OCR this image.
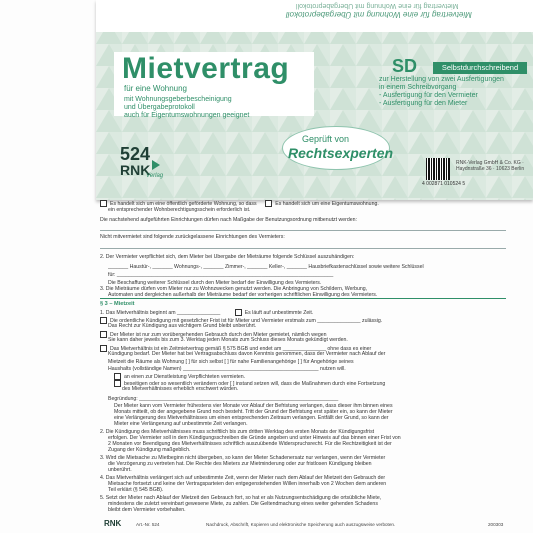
Mietvertrag für eine Wohnung mit Übergabeprotokoll
Mietvertrag für eine Wohnung mit Übergabeprotokoll
Mietvertrag
für eine Wohnung
mit Wohnungsgeberbescheinigung
und Übergabeprotokoll
auch für Eigentumswohnungen geeignet
SD	Selbstdurchschreibend
zur Herstellung von zwei Ausfertigungen
in einem Schreibvorgang
- Ausfertigung für den Vermieter
- Ausfertigung für den Mieter
Geprüft von
Rechtsexperten
524
RNK
Verlag
4 002871 010524 5
RNK-Verlag GmbH & Co. KG · Haydnstraße 36 · 10623 Berlin
Es handelt sich um eine öffentlich geförderte Wohnung, so dass	Es handelt sich um eine Eigentumswohnung.
ein entsprechender Wohnberechtigungsschein erforderlich ist.
Die nachstehend aufgeführten Einrichtungen dürfen nach Maßgabe der Benutzungsordnung mitbenutzt werden:
Nicht mitvermietet sind folgende zurückgelassene Einrichtungen des Vermieters:
2. Der Vermieter verpflichtet sich, dem Mieter bei Übergabe der Mieträume folgende Schlüssel auszuhändigen:
_______ Haustür-, _______ Wohnungs-, _______ Zimmer-, _______ Keller-, _______ Hausbriefkastenschlüssel sowie weitere Schlüssel
für: ___________________________________________________________________________
Die Beschaffung weiterer Schlüssel durch den Mieter bedarf der Einwilligung des Vermieters.
3. Die Mieträume dürfen vom Mieter nur zu Wohnzwecken genutzt werden. Die Anbringung von Schildern, Werbung,
Automaten und dergleichen außerhalb der Mieträume bedarf der vorherigen schriftlichen Einwilligung des Vermieters.
§ 3 – Mietzeit
1. Das Mietverhältnis beginnt am _______________	Es läuft auf unbestimmte Zeit.
Die ordentliche Kündigung mit gesetzlicher Frist ist für Mieter und Vermieter erstmals zum _______________ zulässig.
Das Recht zur Kündigung aus wichtigem Grund bleibt unberührt.
Der Mieter ist nur zum vorübergehenden Gebrauch durch den Mieter gemietet, nämlich wegen
Sie kann daher jeweils bis zum 3. Werktag jeden Monats zum Schluss dieses Monats gekündigt werden.
Das Mietverhältnis ist ein Zeitmietvertrag gemäß § 575 BGB und endet am _______________ ohne dass es einer
Kündigung bedarf. Der Mieter hat bei Vertragsabschluss davon Kenntnis genommen, dass der Vermieter nach Ablauf der
Mietzeit die Räume als Wohnung [ ] für sich selbst [ ] für nahe Familienangehörige [ ] für Angehörige seines
Haushalts (vollständige Namen) _______________________________________________ nutzen will.
an einen zur Dienstleistung Verpflichteten vermieten.
beseitigen oder so wesentlich verändern oder [ ] instand setzen will, dass die Maßnahmen durch eine Fortsetzung
des Mietverhältnisses erheblich erschwert würden.
Begründung: _____________________________________________________________________
Der Mieter kann vom Vermieter frühestens vier Monate vor Ablauf der Befristung verlangen, dass dieser ihm binnen eines
Monats mitteilt, ob der angegebene Grund noch besteht. Tritt der Grund der Befristung erst später ein, so kann der Mieter
eine Verlängerung des Mietverhältnisses um einen entsprechenden Zeitraum verlangen. Entfällt der Grund, so kann der
Mieter eine Verlängerung auf unbestimmte Zeit verlangen.
2. Die Kündigung des Mietverhältnisses muss schriftlich bis zum dritten Werktag des ersten Monats der Kündigungsfrist
erfolgen. Der Vermieter soll in dem Kündigungsschreiben die Gründe angeben und unter Hinweis auf das binnen einer Frist von
2 Monaten vor Beendigung des Mietverhältnisses schriftlich auszuübende Widerspruchsrecht. Für die Rechtzeitigkeit ist der
Zugang der Kündigung maßgeblich.
3. Wird die Mietsache zu Mietbeginn nicht übergeben, so kann der Mieter Schadenersatz nur verlangen, wenn der Vermieter
die Verzögerung zu vertreten hat. Die Rechte des Mieters zur Mietminderung oder zur fristlosen Kündigung bleiben
unberührt.
4. Das Mietverhältnis verlängert sich auf unbestimmte Zeit, wenn der Mieter nach dem Ablauf der Mietzeit den Gebrauch der
Mietsache fortsetzt und keine der Vertragsparteien den entgegenstehenden Willen innerhalb von 2 Wochen dem anderen
Teil erklärt (§ 545 BGB).
5. Setzt der Mieter nach Ablauf der Mietzeit den Gebrauch fort, so hat er als Nutzungsentschädigung die ortsübliche Miete,
mindestens die zuletzt vereinbart gewesene Miete, zu zahlen. Die Geltendmachung eines weiter gehenden Schadens
bleibt dem Vermieter vorbehalten.
RNK	Art.-Nr. 524	Nachdruck, Abschrift, Kopieren und elektronische Speicherung auch auszugsweise verboten.	200303
